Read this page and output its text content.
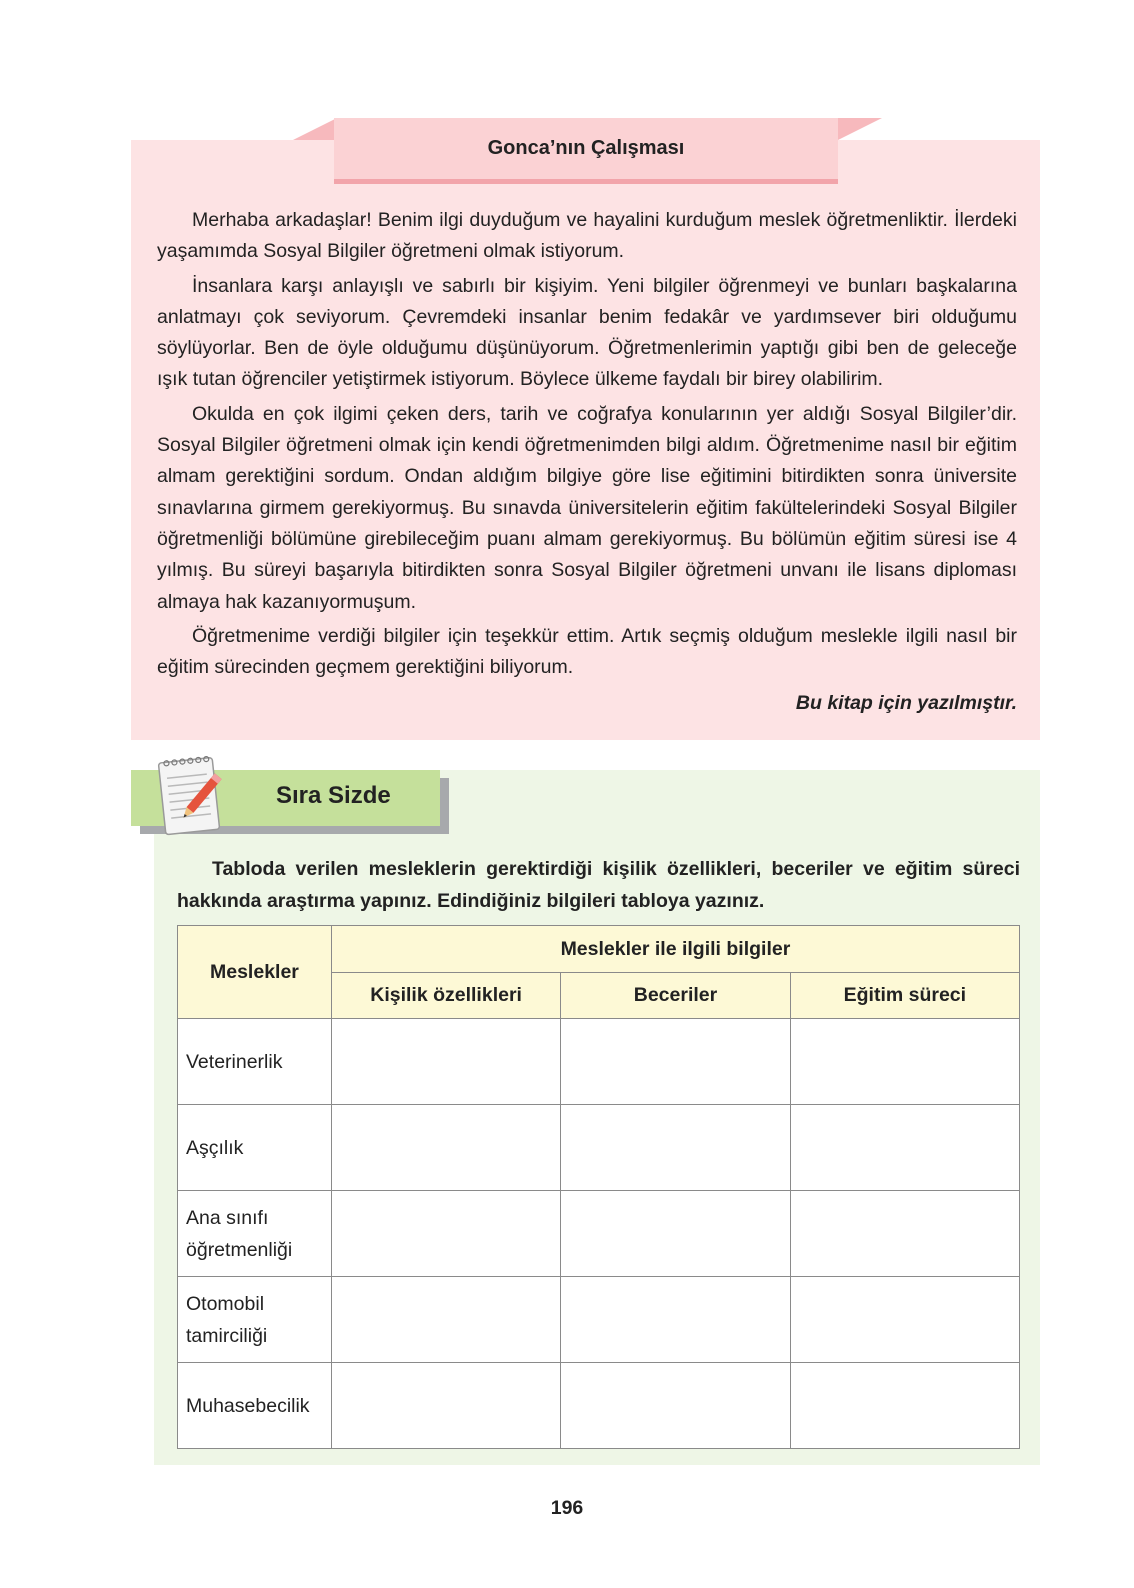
Gonca’nın Çalışması

Merhaba arkadaşlar! Benim ilgi duyduğum ve hayalini kurduğum meslek öğretmenliktir. İlerdeki yaşamımda Sosyal Bilgiler öğretmeni olmak istiyorum.

İnsanlara karşı anlayışlı ve sabırlı bir kişiyim. Yeni bilgiler öğrenmeyi ve bunları başkalarına anlatmayı çok seviyorum. Çevremdeki insanlar benim fedakâr ve yardımsever biri olduğumu söylüyorlar. Ben de öyle olduğumu düşünüyorum. Öğretmenlerimin yaptığı gibi ben de geleceğe ışık tutan öğrenciler yetiştirmek istiyorum. Böylece ülkeme faydalı bir birey olabilirim.

Okulda en çok ilgimi çeken ders, tarih ve coğrafya konularının yer aldığı Sosyal Bilgiler’dir. Sosyal Bilgiler öğretmeni olmak için kendi öğretmenimden bilgi aldım. Öğretmenime nasıl bir eğitim almam gerektiğini sordum. Ondan aldığım bilgiye göre lise eğitimini bitirdikten sonra üniversite sınavlarına girmem gerekiyormuş. Bu sınavda üniversitelerin eğitim fakültelerindeki Sosyal Bilgiler öğretmenliği bölümüne girebileceğim puanı almam gerekiyormuş. Bu bölümün eğitim süresi ise 4 yılmış. Bu süreyi başarıyla bitirdikten sonra Sosyal Bilgiler öğretmeni unvanı ile lisans diploması almaya hak kazanıyormuşum.

Öğretmenime verdiği bilgiler için teşekkür ettim. Artık seçmiş olduğum meslekle ilgili nasıl bir eğitim sürecinden geçmem gerektiğini biliyorum.

Bu kitap için yazılmıştır.
Sıra Sizde
Tabloda verilen mesleklerin gerektirdiği kişilik özellikleri, beceriler ve eğitim süreci hakkında araştırma yapınız. Edindiğiniz bilgileri tabloya yazınız.
Meslekler	Meslekler ile ilgili bilgiler		
	Kişilik özellikleri	Beceriler	Eğitim süreci
Veterinerlik			
Aşçılık			
Ana sınıfı öğretmenliği			
Otomobil tamirciliği			
Muhasebecilik			
196
